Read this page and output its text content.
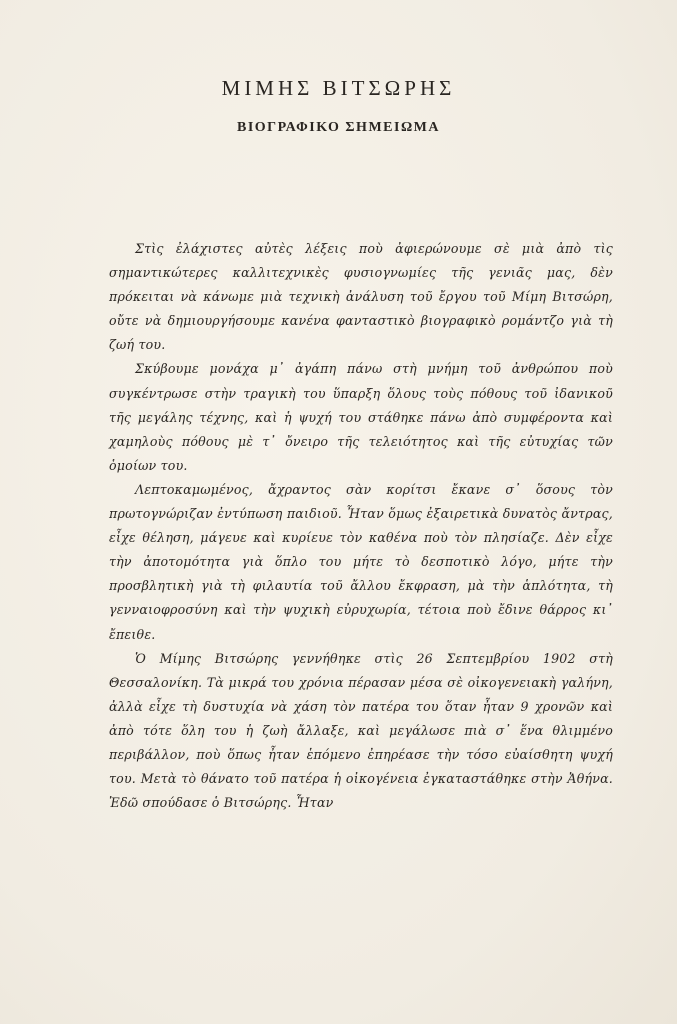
ΜΙΜΗΣ ΒΙΤΣΩΡΗΣ
ΒΙΟΓΡΑΦΙΚΟ ΣΗΜΕΙΩΜΑ

Στὶς ἐλάχιστες αὐτὲς λέξεις ποὺ ἀφιερώνουμε σὲ μιὰ ἀπὸ τὶς σημαντικώτερες καλλιτεχνικὲς φυσιογνωμίες τῆς γενιᾶς μας, δὲν πρόκειται νὰ κάνωμε μιὰ τεχνικὴ ἀνάλυση τοῦ ἔργου τοῦ Μίμη Βιτσώρη, οὔτε νὰ δημιουργήσουμε κανένα φανταστικὸ βιογραφικὸ ρομάντζο γιὰ τὴ ζωή του.

Σκύβουμε μονάχα μ᾽ ἀγάπη πάνω στὴ μνήμη τοῦ ἀνθρώπου ποὺ συγκέντρωσε στὴν τραγικὴ του ὕπαρξη ὅλους τοὺς πόθους τοῦ ἰδανικοῦ τῆς μεγάλης τέχνης, καὶ ἡ ψυχή του στάθηκε πάνω ἀπὸ συμφέροντα καὶ χαμηλοὺς πόθους μὲ τ᾽ ὄνειρο τῆς τελειότητος καὶ τῆς εὐτυχίας τῶν ὁμοίων του.

Λεπτοκαμωμένος, ἄχραντος σὰν κορίτσι ἔκανε σ᾽ ὅσους τὸν πρωτογνώριζαν ἐντύπωση παιδιοῦ. Ἦταν ὅμως ἐξαιρετικὰ δυνατὸς ἄντρας, εἶχε θέληση, μάγευε καὶ κυρίευε τὸν καθένα ποὺ τὸν πλησίαζε. Δὲν εἶχε τὴν ἀποτομότητα γιὰ ὅπλο του μήτε τὸ δεσποτικὸ λόγο, μήτε τὴν προσβλητικὴ γιὰ τὴ φιλαυτία τοῦ ἄλλου ἔκφραση, μὰ τὴν ἁπλότητα, τὴ γενναιοφροσύνη καὶ τὴν ψυχικὴ εὐρυχωρία, τέτοια ποὺ ἔδινε θάρρος κι᾽ ἔπειθε.

Ὁ Μίμης Βιτσώρης γεννήθηκε στὶς 26 Σεπτεμβρίου 1902 στὴ Θεσσαλονίκη. Τὰ μικρά του χρόνια πέρασαν μέσα σὲ οἰκογενειακὴ γαλήνη, ἀλλὰ εἶχε τὴ δυστυχία νὰ χάση τὸν πατέρα του ὅταν ἦταν 9 χρονῶν καὶ ἀπὸ τότε ὅλη του ἡ ζωὴ ἄλλαξε, καὶ μεγάλωσε πιὰ σ᾽ ἕνα θλιμμένο περιβάλλον, ποὺ ὅπως ἦταν ἑπόμενο ἐπηρέασε τὴν τόσο εὐαίσθητη ψυχή του. Μετὰ τὸ θάνατο τοῦ πατέρα ἡ οἰκογένεια ἐγκαταστάθηκε στὴν Ἀθήνα. Ἐδῶ σπούδασε ὁ Βιτσώρης. Ἦταν
